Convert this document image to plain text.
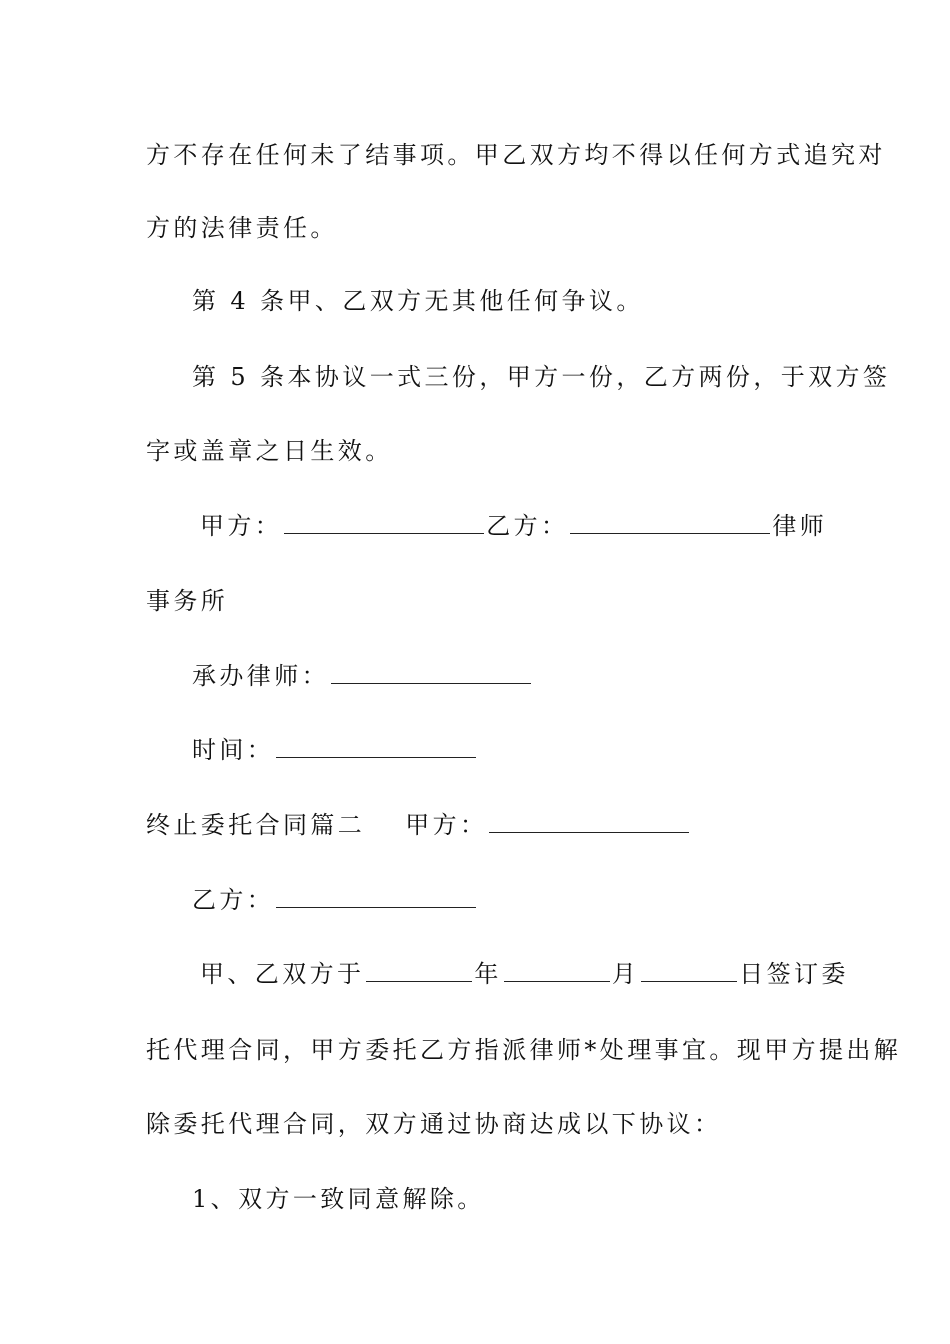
方不存在任何未了结事项。甲乙双方均不得以任何方式追究对
方的法律责任。
第 4 条甲、乙双方无其他任何争议。
第 5 条本协议一式三份，甲方一份，乙方两份，于双方签
字或盖章之日生效。
甲方：	乙方：	律师
事务所
承办律师：
时间：
终止委托合同篇二 甲方：
乙方：
甲、乙双方于	年	月	日签订委
托代理合同，甲方委托乙方指派律师*处理事宜。现甲方提出解
除委托代理合同，双方通过协商达成以下协议：
1、双方一致同意解除。
